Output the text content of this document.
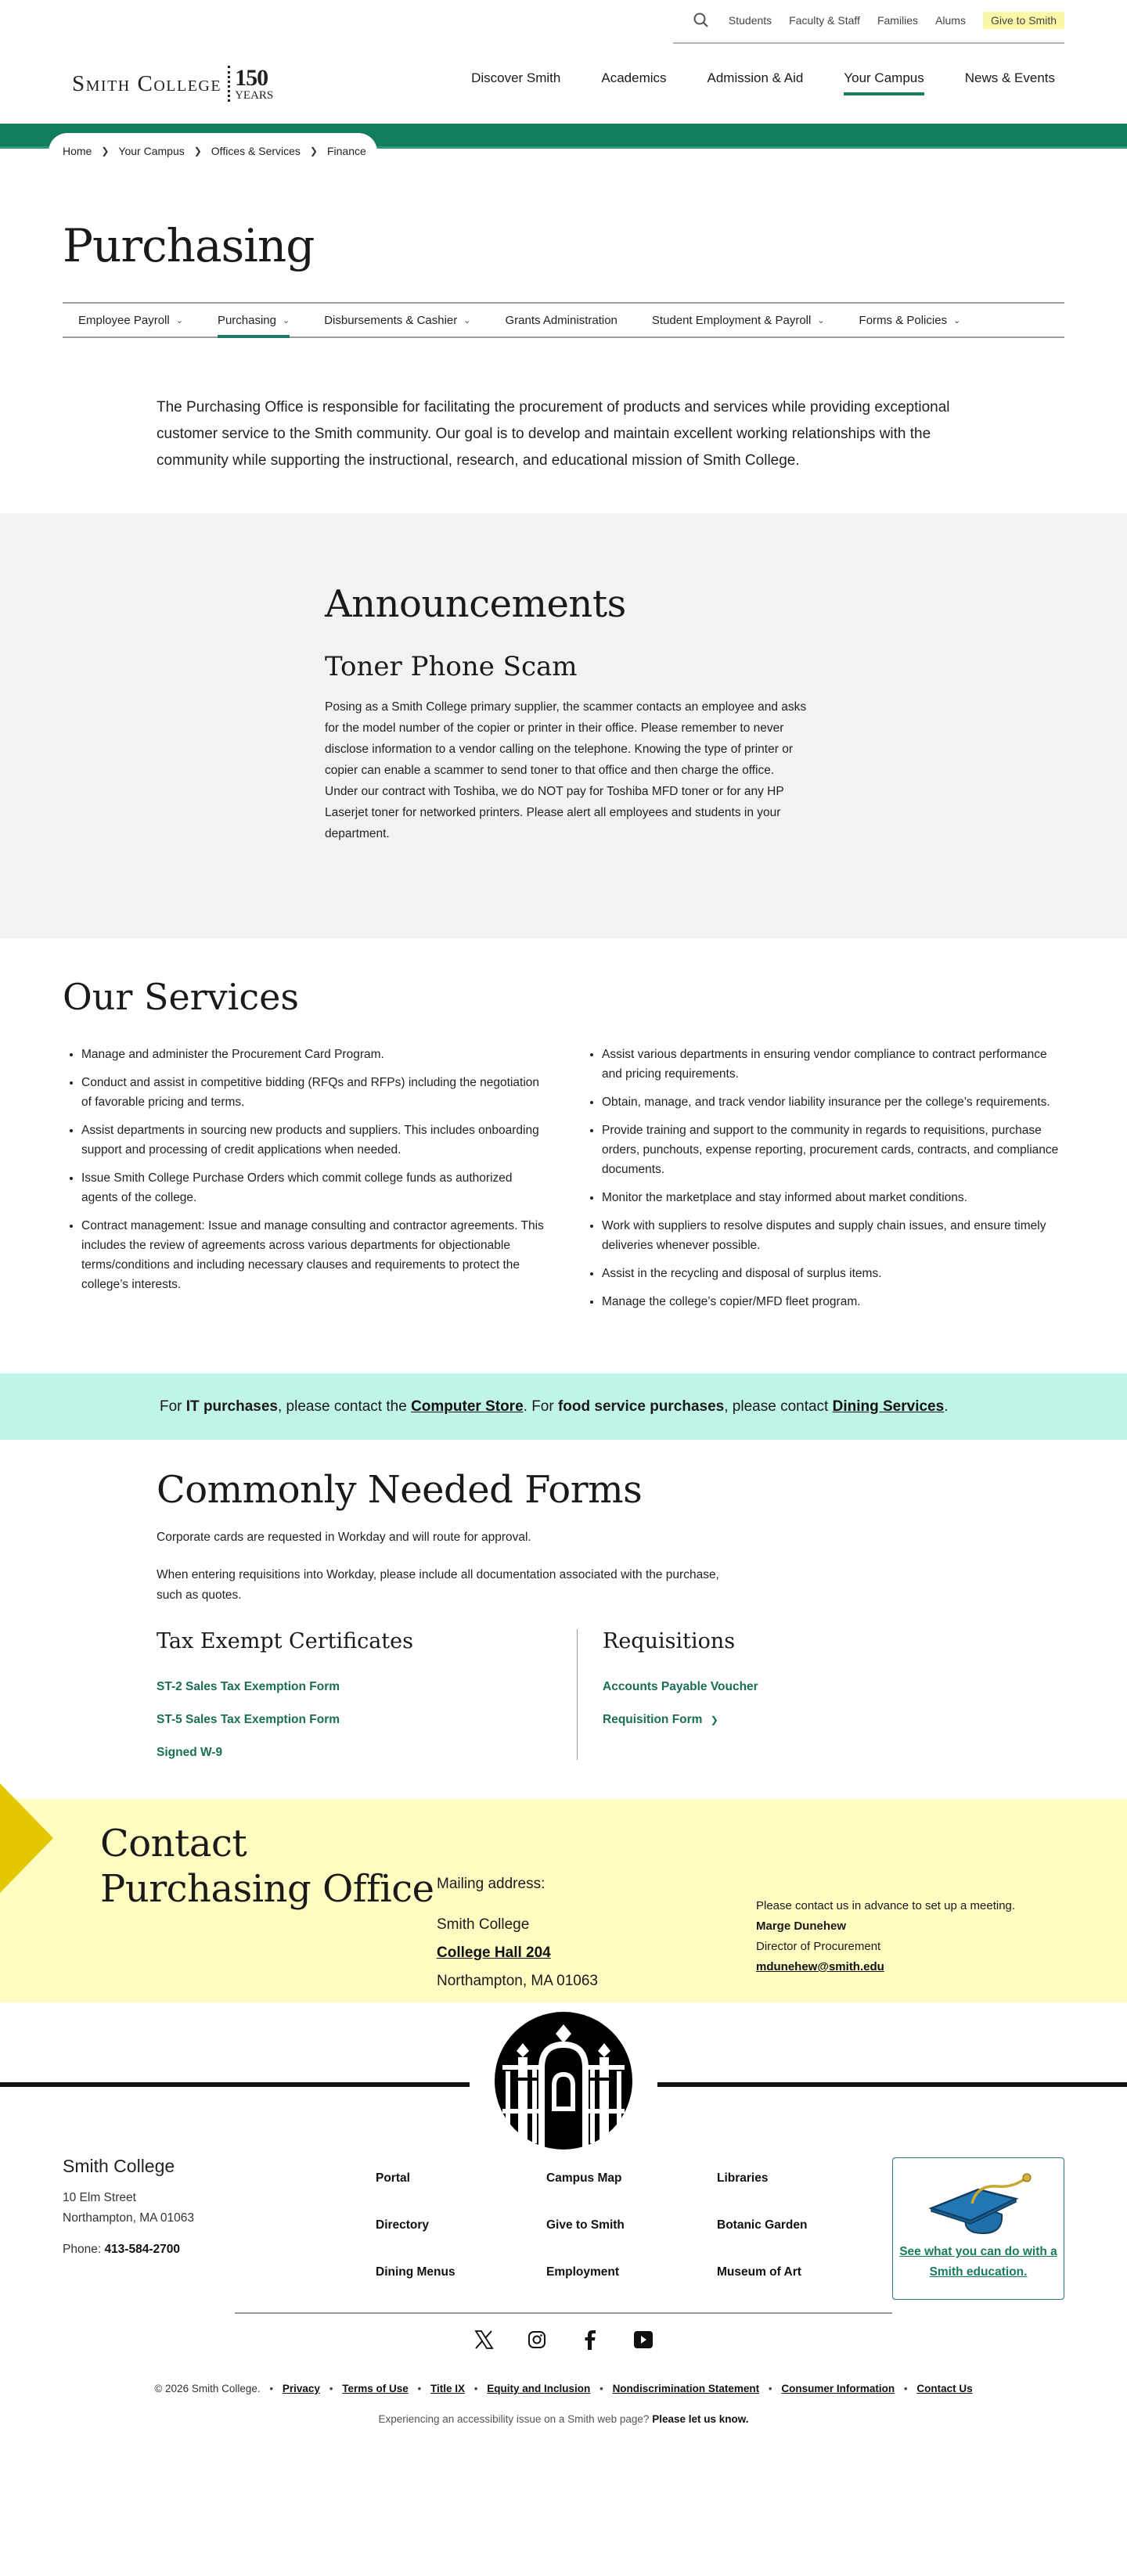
Students Faculty & Staff Families Alums	Give to Smith
Smith College 150
YEARS
Discover Smith	Academics	Admission & Aid	Your Campus	News & Events
Home ❯ Your Campus ❯ Offices & Services ❯ Finance
Purchasing
Employee Payroll ⌄	Purchasing ⌄	Disbursements & Cashier ⌄	Grants Administration	Student Employment & Payroll ⌄	Forms & Policies ⌄

The Purchasing Office is responsible for facilitating the procurement of products and services while providing exceptional customer service to the Smith community. Our goal is to develop and maintain excellent working relationships with the community while supporting the instructional, research, and educational mission of Smith College.

Announcements
Toner Phone Scam

Posing as a Smith College primary supplier, the scammer contacts an employee and asks for the model number of the copier or printer in their office. Please remember to never disclose information to a vendor calling on the telephone. Knowing the type of printer or copier can enable a scammer to send toner to that office and then charge the office. Under our contract with Toshiba, we do NOT pay for Toshiba MFD toner or for any HP Laserjet toner for networked printers. Please alert all employees and students in your department.

Our Services
• Manage and administer the Procurement Card Program.
• Conduct and assist in competitive bidding (RFQs and RFPs) including the negotiation of favorable pricing and terms.
• Assist departments in sourcing new products and suppliers. This includes onboarding support and processing of credit applications when needed.
• Issue Smith College Purchase Orders which commit college funds as authorized agents of the college.
• Contract management: Issue and manage consulting and contractor agreements. This includes the review of agreements across various departments for objectionable terms/conditions and including necessary clauses and requirements to protect the college’s interests.
• Assist various departments in ensuring vendor compliance to contract performance and pricing requirements.
• Obtain, manage, and track vendor liability insurance per the college’s requirements.
• Provide training and support to the community in regards to requisitions, purchase orders, punchouts, expense reporting, procurement cards, contracts, and compliance documents.
• Monitor the marketplace and stay informed about market conditions.
• Work with suppliers to resolve disputes and supply chain issues, and ensure timely deliveries whenever possible.
• Assist in the recycling and disposal of surplus items.
• Manage the college’s copier/MFD fleet program.
For IT purchases, please contact the Computer Store. For food service purchases, please contact Dining Services.
Commonly Needed Forms

Corporate cards are requested in Workday and will route for approval.

When entering requisitions into Workday, please include all documentation associated with the purchase, such as quotes.

Tax Exempt Certificates
ST-2 Sales Tax Exemption Form
ST-5 Sales Tax Exemption Form
Signed W-9
Requisitions
Accounts Payable Voucher
Requisition Form ❯
Contact
Purchasing Office Mailing address:
Smith College
College Hall 204
Northampton, MA 01063
Please contact us in advance to set up a meeting.
Marge Dunehew
Director of Procurement
mdunehew@smith.edu
Smith College
10 Elm Street
Northampton, MA 01063
Phone: 413-584-2700
Portal	Campus Map	Libraries
Directory	Give to Smith	Botanic Garden
Dining Menus	Employment	Museum of Art
See what you can do with a Smith education.
© 2026 Smith College. • Privacy • Terms of Use • Title IX • Equity and Inclusion • Nondiscrimination Statement • Consumer Information • Contact Us
Experiencing an accessibility issue on a Smith web page? Please let us know.
